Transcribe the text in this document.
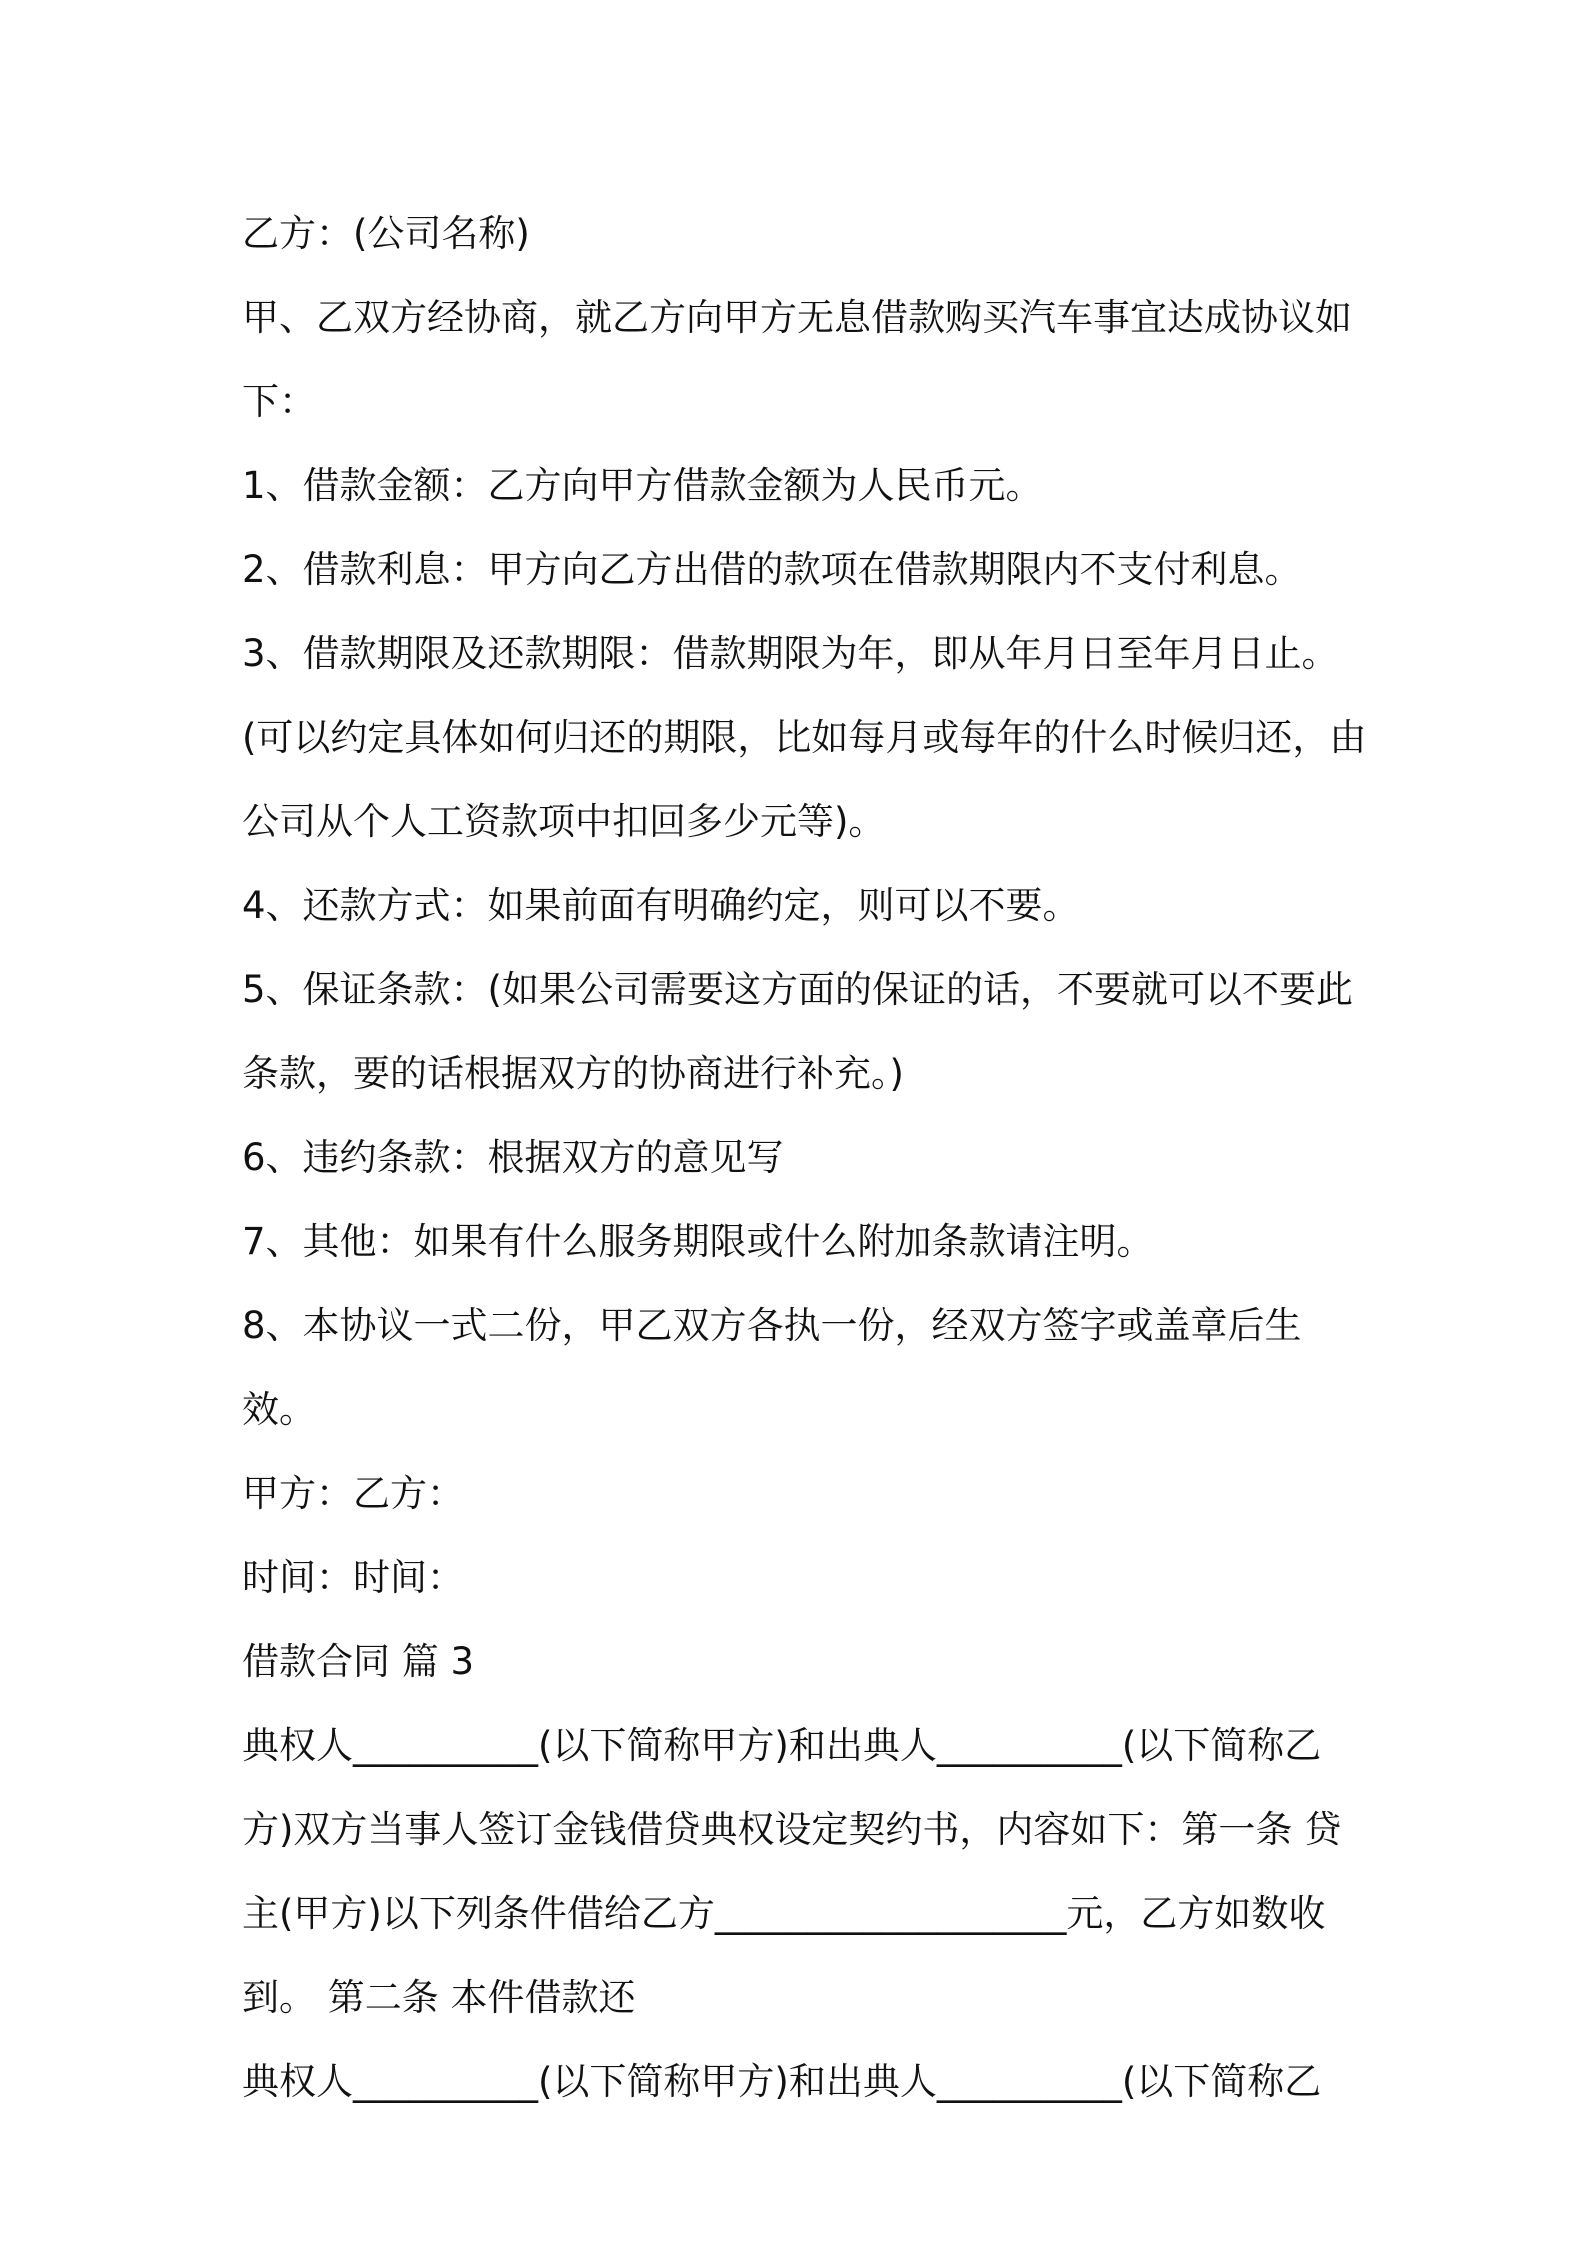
乙方：(公司名称)

甲、乙双方经协商，就乙方向甲方无息借款购买汽车事宜达成协议如下：

1、借款金额：乙方向甲方借款金额为人民币元。

2、借款利息：甲方向乙方出借的款项在借款期限内不支付利息。

3、借款期限及还款期限：借款期限为年，即从年月日至年月日止。(可以约定具体如何归还的期限，比如每月或每年的什么时候归还，由公司从个人工资款项中扣回多少元等)。

4、还款方式：如果前面有明确约定，则可以不要。

5、保证条款：(如果公司需要这方面的保证的话，不要就可以不要此条款，要的话根据双方的协商进行补充。)

6、违约条款：根据双方的意见写

7、其他：如果有什么服务期限或什么附加条款请注明。

8、本协议一式二份，甲乙双方各执一份，经双方签字或盖章后生效。

甲方：乙方：

时间：时间：

借款合同 篇 3

典权人__________(以下简称甲方)和出典人__________(以下简称乙方)双方当事人签订金钱借贷典权设定契约书，内容如下：第一条 贷主(甲方)以下列条件借给乙方___________________元，乙方如数收到。 第二条 本件借款还

典权人__________(以下简称甲方)和出典人__________(以下简称乙
